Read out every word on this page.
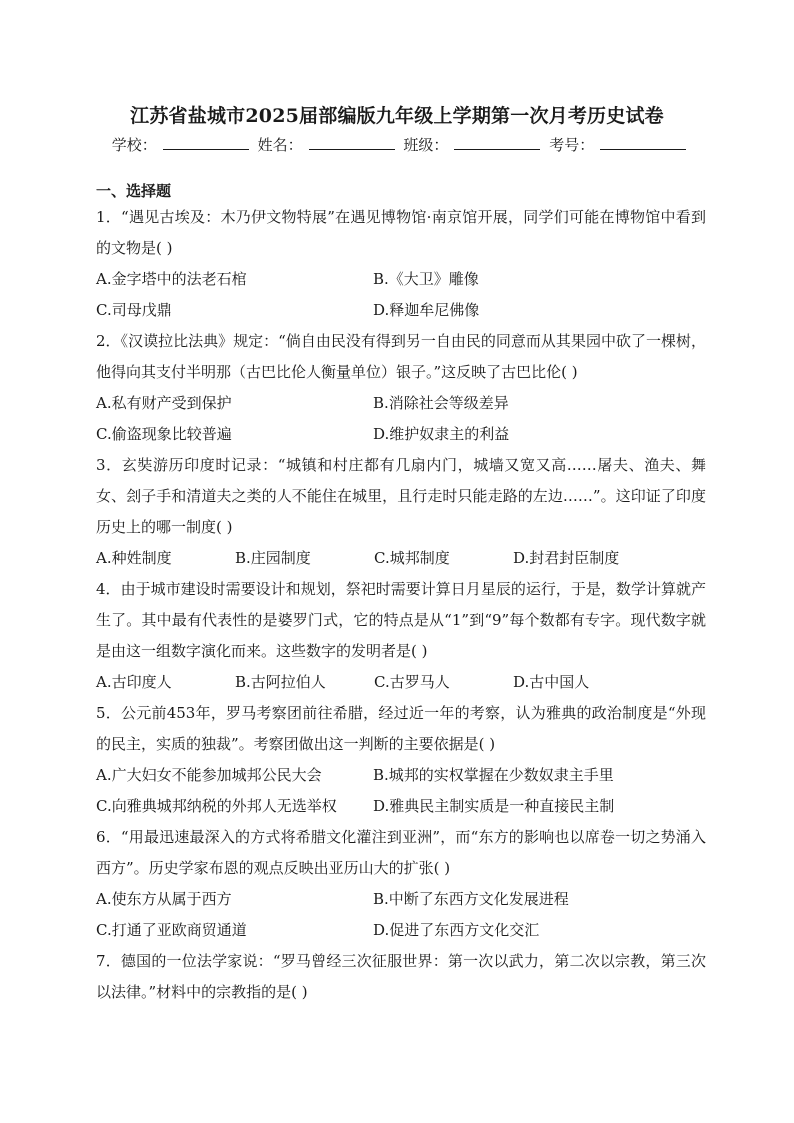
江苏省盐城市2025届部编版九年级上学期第一次月考历史试卷
学校：	姓名：	班级：	考号：
一、选择题
1．“遇见古埃及：木乃伊文物特展”在遇见博物馆·南京馆开展，同学们可能在博物馆中看到的文物是( )
A.金字塔中的法老石棺	B.《大卫》雕像
C.司母戊鼎	D.释迦牟尼佛像
2．《汉谟拉比法典》规定：“倘自由民没有得到另一自由民的同意而从其果园中砍了一棵树，他得向其支付半明那（古巴比伦人衡量单位）银子。”这反映了古巴比伦( )
A.私有财产受到保护	B.消除社会等级差异
C.偷盗现象比较普遍	D.维护奴隶主的利益
3．玄奘游历印度时记录：“城镇和村庄都有几扇内门，城墙又宽又高……屠夫、渔夫、舞女、刽子手和清道夫之类的人不能住在城里，且行走时只能走路的左边……”。这印证了印度历史上的哪一制度( )
A.种姓制度	B.庄园制度	C.城邦制度	D.封君封臣制度
4．由于城市建设时需要设计和规划，祭祀时需要计算日月星辰的运行，于是，数学计算就产生了。其中最有代表性的是婆罗门式，它的特点是从“1”到“9”每个数都有专字。现代数字就是由这一组数字演化而来。这些数字的发明者是( )
A.古印度人	B.古阿拉伯人	C.古罗马人	D.古中国人
5．公元前453年，罗马考察团前往希腊，经过近一年的考察，认为雅典的政治制度是“外现的民主，实质的独裁”。考察团做出这一判断的主要依据是( )
A.广大妇女不能参加城邦公民大会	B.城邦的实权掌握在少数奴隶主手里
C.向雅典城邦纳税的外邦人无选举权	D.雅典民主制实质是一种直接民主制
6．“用最迅速最深入的方式将希腊文化灌注到亚洲”，而“东方的影响也以席卷一切之势涌入西方”。历史学家布恩的观点反映出亚历山大的扩张( )
A.使东方从属于西方	B.中断了东西方文化发展进程
C.打通了亚欧商贸通道	D.促进了东西方文化交汇
7．德国的一位法学家说：“罗马曾经三次征服世界：第一次以武力，第二次以宗教，第三次以法律。”材料中的宗教指的是( )
